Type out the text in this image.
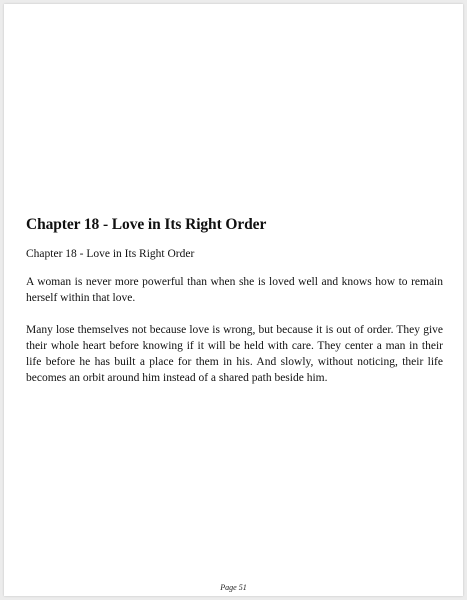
Chapter 18 - Love in Its Right Order

Chapter 18 - Love in Its Right Order

A woman is never more powerful than when she is loved well and knows how to remain herself within that love.

Many lose themselves not because love is wrong, but because it is out of order. They give their whole heart before knowing if it will be held with care. They center a man in their life before he has built a place for them in his. And slowly, without noticing, their life becomes an orbit around him instead of a shared path beside him.

Page 51
